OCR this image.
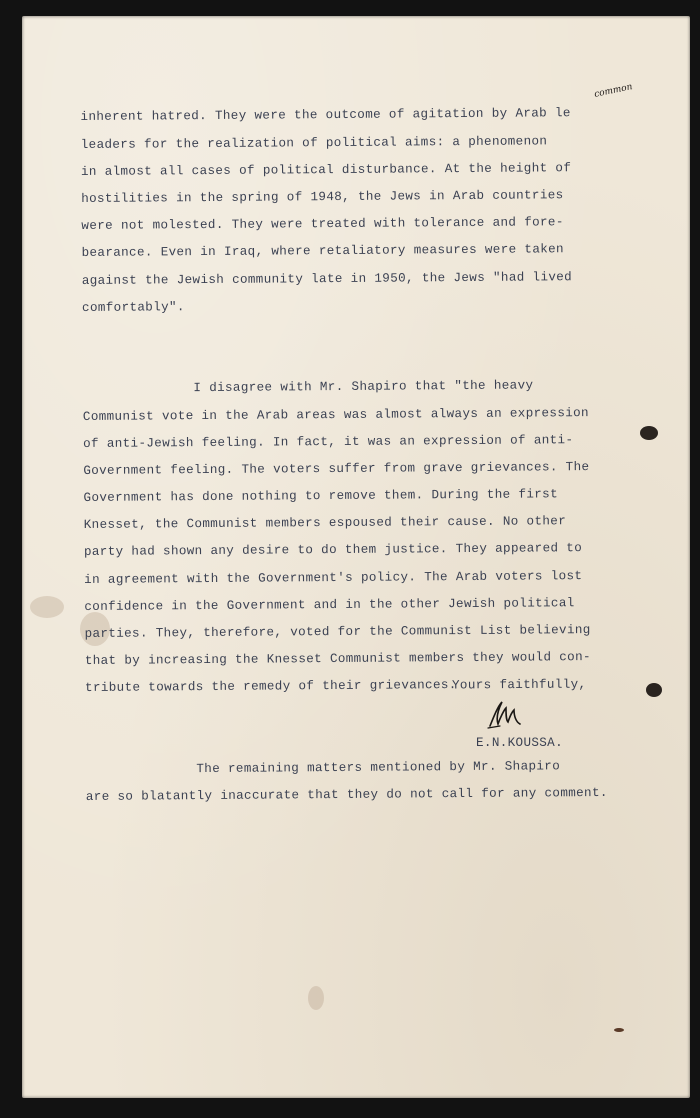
inherent hatred. They were the outcome of agitation by Arab le
leaders for the realization of political aims: a phenomenon
in almost all cases of political disturbance. At the height of
hostilities in the spring of 1948, the Jews in Arab countries
were not molested. They were treated with tolerance and fore-
bearance. Even in Iraq, where retaliatory measures were taken
against the Jewish community late in 1950, the Jews "had lived
comfortably".

I disagree with Mr. Shapiro that "the heavy
Communist vote in the Arab areas was almost always an expression
of anti-Jewish feeling. In fact, it was an expression of anti-
Government feeling. The voters suffer from grave grievances. The
Government has done nothing to remove them. During the first
Knesset, the Communist members espoused their cause. No other
party had shown any desire to do them justice. They appeared to
in agreement with the Government's policy. The Arab voters lost
confidence in the Government and in the other Jewish political
parties. They, therefore, voted for the Communist List believing
that by increasing the Knesset Communist members they would con-
tribute towards the remedy of their grievances.

The remaining matters mentioned by Mr. Shapiro
are so blatantly inaccurate that they do not call for any comment.

common
Yours faithfully,
E.N.KOUSSA.
